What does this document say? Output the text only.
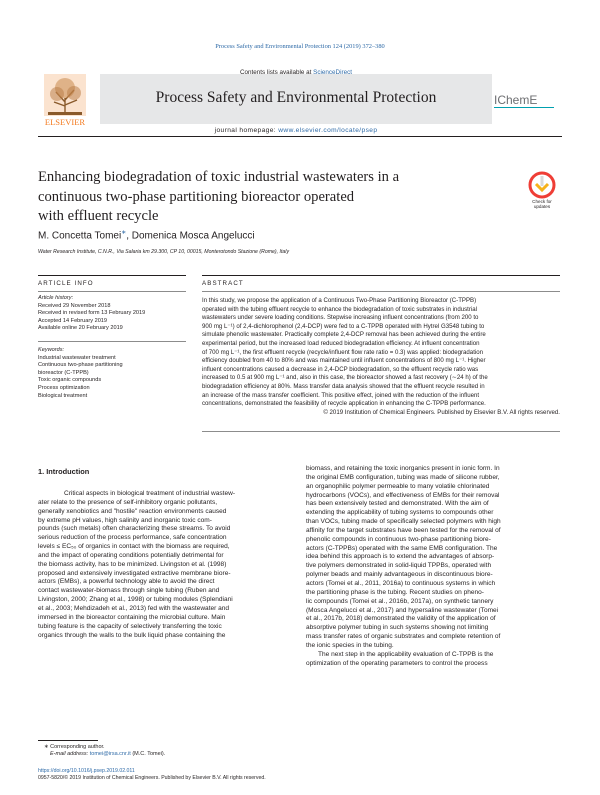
Process Safety and Environmental Protection 124 (2019) 372–380
Contents lists available at ScienceDirect
Process Safety and Environmental Protection
journal homepage: www.elsevier.com/locate/psep
ELSEVIER
IChemE
Enhancing biodegradation of toxic industrial wastewaters in a
continuous two-phase partitioning bioreactor operated
with effluent recycle
Check for updates
M. Concetta Tomei∗, Domenica Mosca Angelucci
Water Research Institute, C.N.R., Via Salaria km 29.300, CP 10, 00015, Monterotondo Stazione (Rome), Italy
ARTICLE INFO	ABSTRACT
Article history:
Received 29 November 2018
Received in revised form 13 February 2019
Accepted 14 February 2019
Available online 20 February 2019
Keywords:
Industrial wastewater treatment
Continuous two-phase partitioning
bioreactor (C-TPPB)
Toxic organic compounds
Process optimization
Biological treatment
In this study, we propose the application of a Continuous Two-Phase Partitioning Bioreactor (C-TPPB)
operated with the tubing effluent recycle to enhance the biodegradation of toxic substrates in industrial
wastewaters under severe loading conditions. Stepwise increasing influent concentrations (from 200 to
900 mg L⁻¹) of 2,4-dichlorophenol (2,4-DCP) were fed to a C-TPPB operated with Hytrel G3548 tubing to
simulate phenolic wastewater. Practically complete 2,4-DCP removal has been achieved during the entire
experimental period, but the increased load reduced biodegradation efficiency. At influent concentration
of 700 mg L⁻¹, the first effluent recycle (recycle/influent flow rate ratio = 0.3) was applied: biodegradation
efficiency doubled from 40 to 80% and was maintained until influent concentrations of 800 mg L⁻¹. Higher
influent concentrations caused a decrease in 2,4-DCP biodegradation, so the effluent recycle ratio was
increased to 0.5 at 900 mg L⁻¹ and, also in this case, the bioreactor showed a fast recovery (∼24 h) of the
biodegradation efficiency at 80%. Mass transfer data analysis showed that the effluent recycle resulted in
an increase of the mass transfer coefficient. This positive effect, joined with the reduction of the influent
concentrations, demonstrated the feasibility of recycle application in enhancing the C-TPPB performance.
© 2019 Institution of Chemical Engineers. Published by Elsevier B.V. All rights reserved.
1. Introduction
Critical aspects in biological treatment of industrial wastew-
ater relate to the presence of self-inhibitory organic pollutants,
generally xenobiotics and "hostile" reaction environments caused
by extreme pH values, high salinity and inorganic toxic com-
pounds (such metals) often characterizing these streams. To avoid
serious reduction of the process performance, safe concentration
levels ≤ EC₅₀ of organics in contact with the biomass are required,
and the impact of operating conditions potentially detrimental for
the biomass activity, has to be minimized. Livingston et al. (1998)
proposed and extensively investigated extractive membrane biore-
actors (EMBs), a powerful technology able to avoid the direct
contact wastewater-biomass through single tubing (Ruben and
Livingston, 2000; Zhang et al., 1998) or tubing modules (Splendiani
et al., 2003; Mehdizadeh et al., 2013) fed with the wastewater and
immersed in the bioreactor containing the microbial culture. Main
tubing feature is the capacity of selectively transferring the toxic
organics through the walls to the bulk liquid phase containing the
biomass, and retaining the toxic inorganics present in ionic form. In
the original EMB configuration, tubing was made of silicone rubber,
an organophilic polymer permeable to many volatile chlorinated
hydrocarbons (VOCs), and effectiveness of EMBs for their removal
has been extensively tested and demonstrated. With the aim of
extending the applicability of tubing systems to compounds other
than VOCs, tubing made of specifically selected polymers with high
affinity for the target substrates have been tested for the removal of
phenolic compounds in continuous two-phase partitioning biore-
actors (C-TPPBs) operated with the same EMB configuration. The
idea behind this approach is to extend the advantages of absorp-
tive polymers demonstrated in solid-liquid TPPBs, operated with
polymer beads and mainly advantageous in discontinuous biore-
actors (Tomei et al., 2011, 2016a) to continuous systems in which
the partitioning phase is the tubing. Recent studies on pheno-
lic compounds (Tomei et al., 2016b, 2017a), on synthetic tannery
(Mosca Angelucci et al., 2017) and hypersaline wastewater (Tomei
et al., 2017b, 2018) demonstrated the validity of the application of
absorptive polymer tubing in such systems showing not limiting
mass transfer rates of organic substrates and complete retention of
the ionic species in the tubing.
The next step in the applicability evaluation of C-TPPB is the
optimization of the operating parameters to control the process
∗ Corresponding author.
E-mail address: tomei@irsa.cnr.it (M.C. Tomei).
https://doi.org/10.1016/j.psep.2019.02.011
0957-5820/© 2019 Institution of Chemical Engineers. Published by Elsevier B.V. All rights reserved.
